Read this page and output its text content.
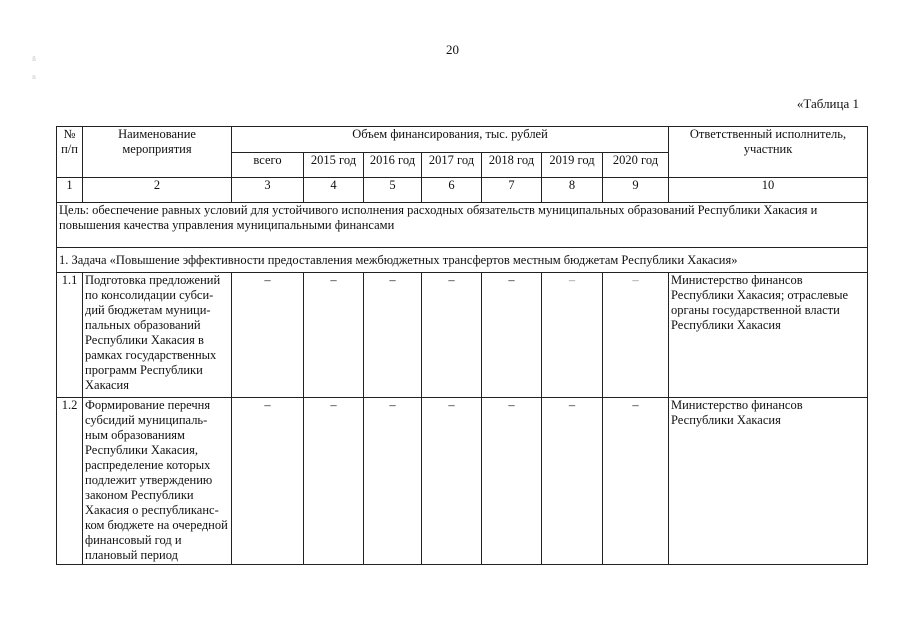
20
ñ

n
«Таблица 1
№ п/п	Наименование мероприятия	Объем финансирования, тыс. рублей							Ответственный исполнитель, участник
		всего	2015 год	2016 год	2017 год	2018 год	2019 год	2020 год	
1	2	3	4	5	6	7	8	9	10
Цель: обеспечение равных условий для устойчивого исполнения расходных обязательств муниципальных образований Республики Хакасия и повышения качества управления муниципальными финансами									
1. Задача «Повышение эффективности предоставления межбюджетных трансфертов местным бюджетам Республики Хакасия»									
1.1	Подготовка предложений по консолидации субси-дий бюджетам муници-пальных образований Республики Хакасия в рамках государственных программ Республики Хакасия	–	–	–	–	–	–	–	Министерство финансов Республики Хакасия; отраслевые органы государственной власти Республики Хакасия
1.2	Формирование перечня субсидий муниципаль-ным образованиям Республики Хакасия, распределение которых подлежит утверждению законом Республики Хакасия о республиканс-ком бюджете на очередной финансовый год и плановый период	–	–	–	–	–	–	–	Министерство финансов Республики Хакасия
